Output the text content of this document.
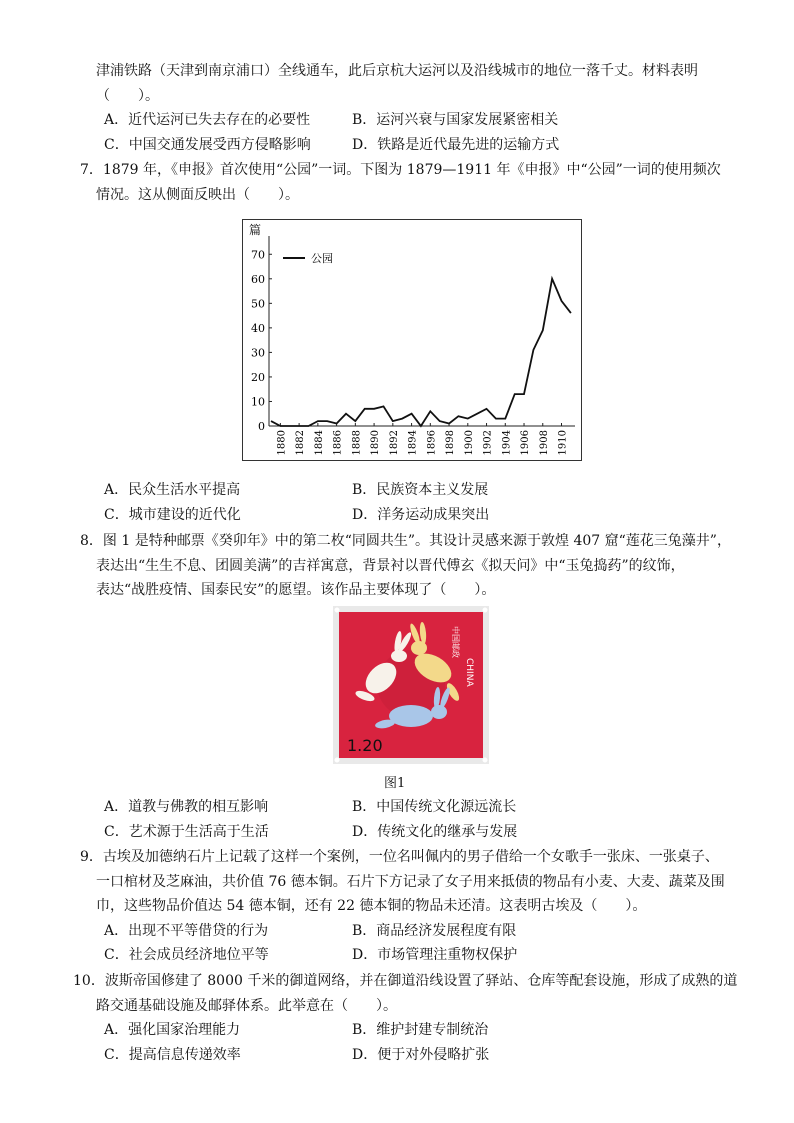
津浦铁路（天津到南京浦口）全线通车，此后京杭大运河以及沿线城市的地位一落千丈。材料表明
（　　）。
A．近代运河已失去存在的必要性	B．运河兴衰与国家发展紧密相关
C．中国交通发展受西方侵略影响	D．铁路是近代最先进的运输方式
7．1879 年，《申报》首次使用“公园”一词。下图为 1879—1911 年《申报》中“公园”一词的使用频次
情况。这从侧面反映出（　　）。
篇
0
10
20
30
40
50
60
70
1880 1882 1884 1886 1888 1890 1892 1894 1896 1898 1900 1902 1904 1906 1908 1910
公园
A．民众生活水平提高	B．民族资本主义发展
C．城市建设的近代化	D．洋务运动成果突出
8．图 1 是特种邮票《癸卯年》中的第二枚“同圆共生”。其设计灵感来源于敦煌 407 窟“莲花三兔藻井”，
表达出“生生不息、团圆美满”的吉祥寓意，背景衬以晋代傅玄《拟天问》中“玉兔捣药”的纹饰，
表达“战胜疫情、国泰民安”的愿望。该作品主要体现了（　　）。
1.20
中国邮政
CHINA
图1
A．道教与佛教的相互影响	B．中国传统文化源远流长
C．艺术源于生活高于生活	D．传统文化的继承与发展
9．古埃及加德纳石片上记载了这样一个案例，一位名叫佩内的男子借给一个女歌手一张床、一张桌子、
一口棺材及芝麻油，共价值 76 德本铜。石片下方记录了女子用来抵债的物品有小麦、大麦、蔬菜及围
巾，这些物品价值达 54 德本铜，还有 22 德本铜的物品未还清。这表明古埃及（　　）。
A．出现不平等借贷的行为	B．商品经济发展程度有限
C．社会成员经济地位平等	D．市场管理注重物权保护
10．波斯帝国修建了 8000 千米的御道网络，并在御道沿线设置了驿站、仓库等配套设施，形成了成熟的道
路交通基础设施及邮驿体系。此举意在（　　）。
A．强化国家治理能力	B．维护封建专制统治
C．提高信息传递效率	D．便于对外侵略扩张
